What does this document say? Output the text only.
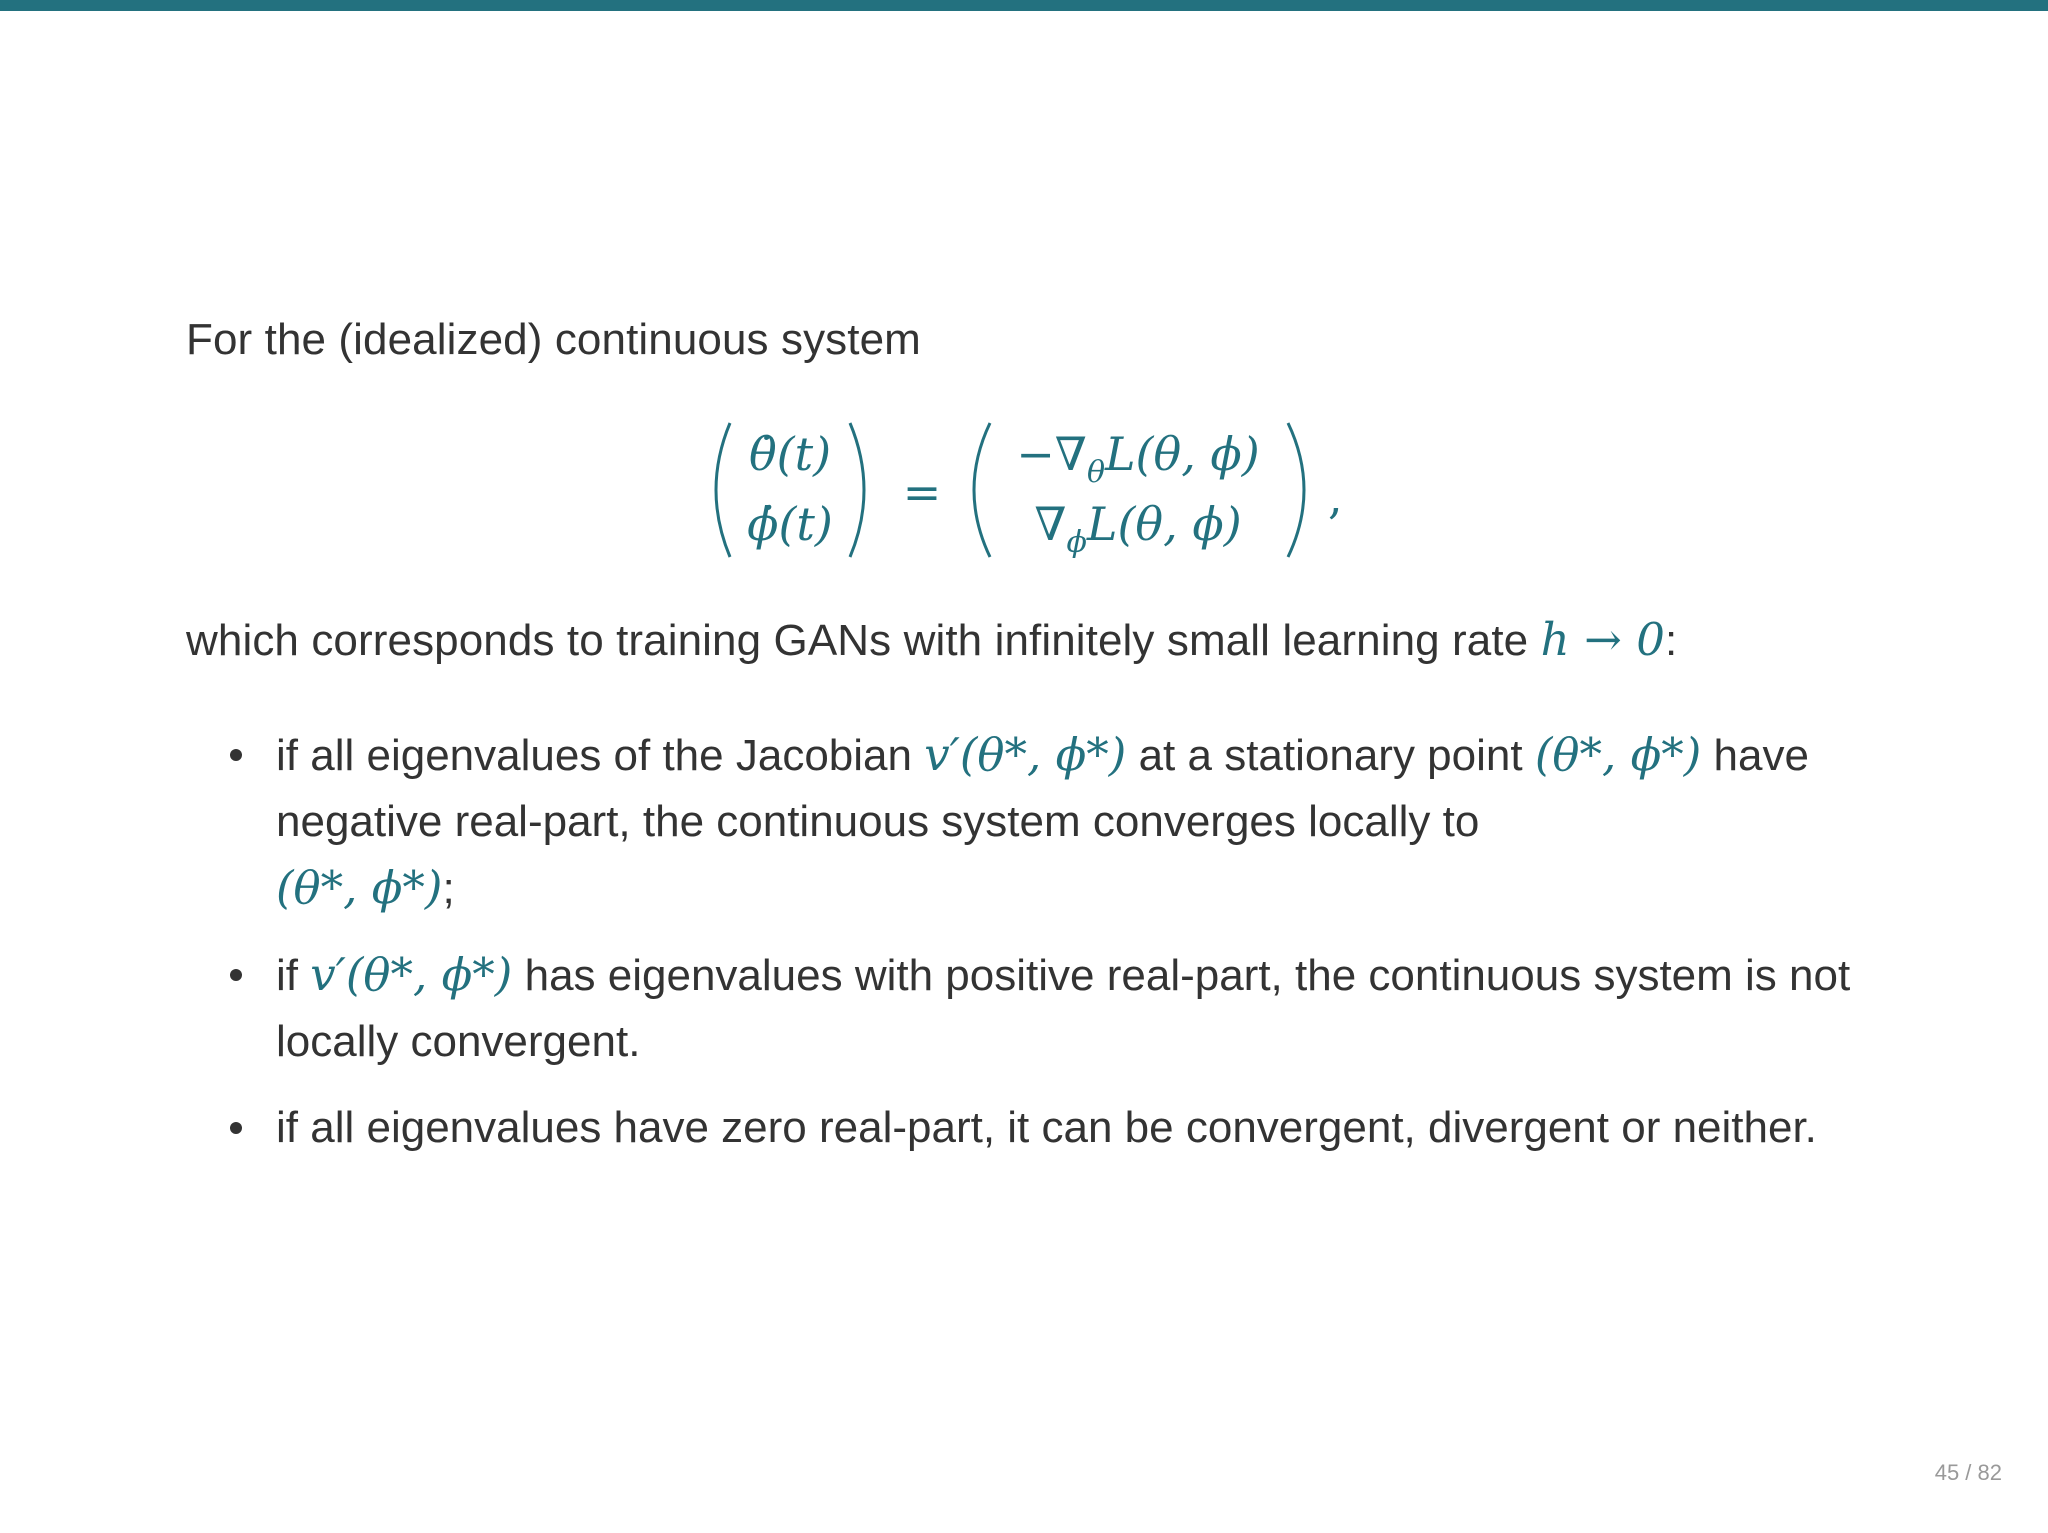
For the (idealized) continuous system
θ̇(t)
ϕ̇(t)
=
$-\nabla_\theta L(\theta$, ϕ)
$\nabla_\phi L(\theta$, ϕ) ,
which corresponds to training GANs with infinitely small learning rate h → 0:
if all eigenvalues of the Jacobian v′(θ*, ϕ*) at a stationary point (θ*, ϕ*) have negative real-part, the continuous system converges locally to
(θ*, ϕ*);
if v′(θ*, ϕ*) has eigenvalues with positive real-part, the continuous system is not locally convergent.
if all eigenvalues have zero real-part, it can be convergent, divergent or neither.
45 / 82
